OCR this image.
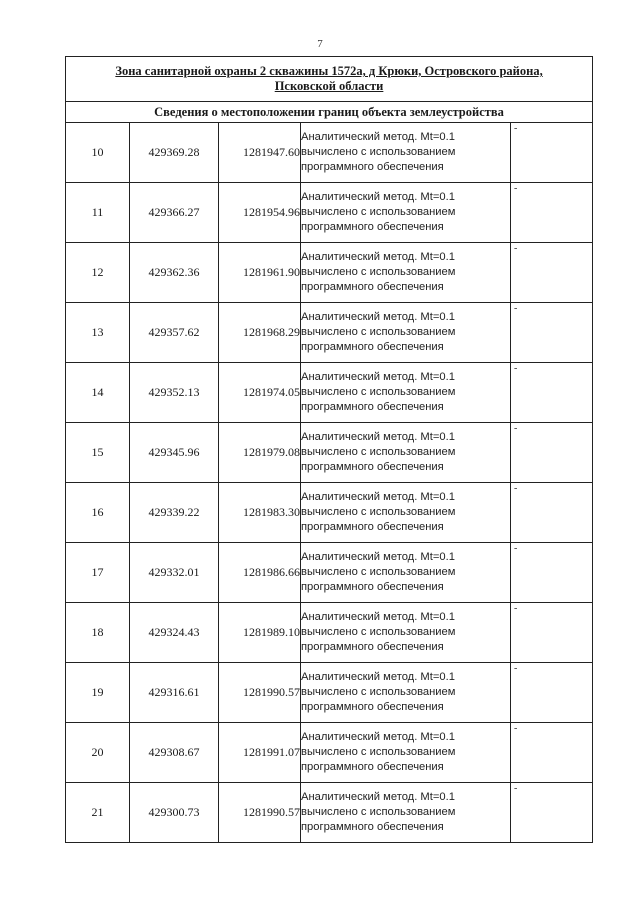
7
Зона санитарной охраны 2 скважины 1572а, д Крюки, Островского района,
Псковской области				
Сведения о местоположении границ объекта землеустройства				
10	429369.28	1281947.60	Аналитический метод. Mt=0.1
вычислено с использованием
программного обеспечения	-

11	429366.27	1281954.96	Аналитический метод. Mt=0.1
вычислено с использованием
программного обеспечения	-

12	429362.36	1281961.90	Аналитический метод. Mt=0.1
вычислено с использованием
программного обеспечения	-

13	429357.62	1281968.29	Аналитический метод. Mt=0.1
вычислено с использованием
программного обеспечения	-

14	429352.13	1281974.05	Аналитический метод. Mt=0.1
вычислено с использованием
программного обеспечения	-

15	429345.96	1281979.08	Аналитический метод. Mt=0.1
вычислено с использованием
программного обеспечения	-

16	429339.22	1281983.30	Аналитический метод. Mt=0.1
вычислено с использованием
программного обеспечения	-

17	429332.01	1281986.66	Аналитический метод. Mt=0.1
вычислено с использованием
программного обеспечения	-

18	429324.43	1281989.10	Аналитический метод. Mt=0.1
вычислено с использованием
программного обеспечения	-

19	429316.61	1281990.57	Аналитический метод. Mt=0.1
вычислено с использованием
программного обеспечения	-

20	429308.67	1281991.07	Аналитический метод. Mt=0.1
вычислено с использованием
программного обеспечения	-

21	429300.73	1281990.57	Аналитический метод. Mt=0.1
вычислено с использованием
программного обеспечения	-
